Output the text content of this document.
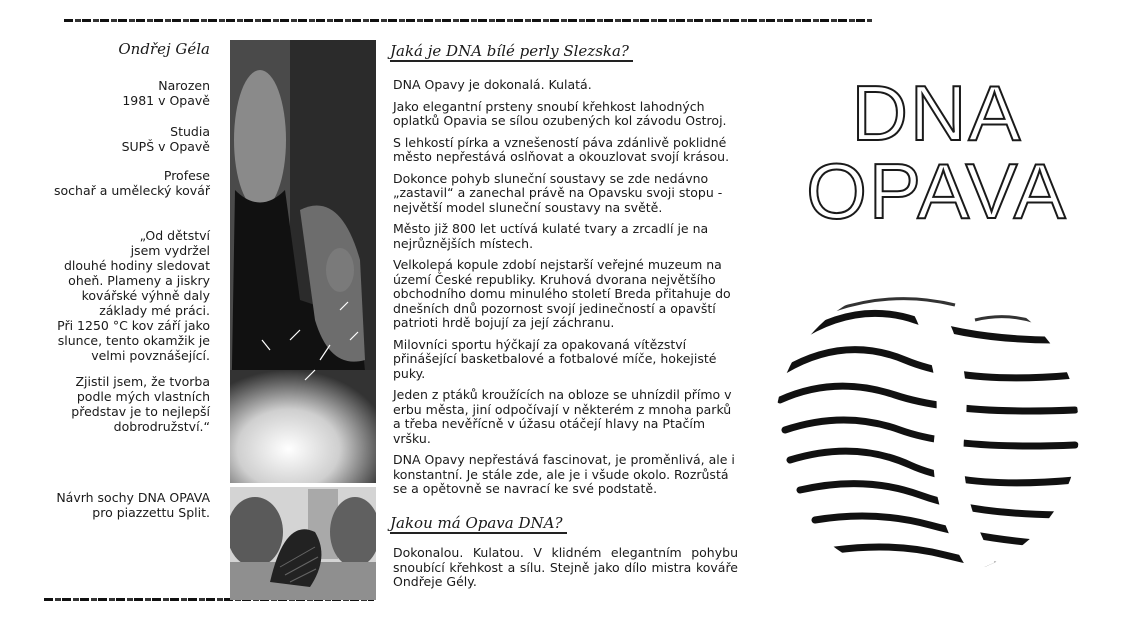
Ondřej Géla
Narozen
1981 v Opavě
Studia
SUPŠ v Opavě
Profese
sochař a umělecký kovář
„Od dětství
jsem vydržel
dlouhé hodiny sledovat
oheň. Plameny a jiskry
kovářské výhně daly
základy mé práci.
Při 1250 °C kov září jako
slunce, tento okamžik je
velmi povznášející.
Zjistil jsem, že tvorba
podle mých vlastních
představ je to nejlepší
dobrodružství.“
Návrh sochy DNA OPAVA
pro piazzettu Split.
Jaká je DNA bílé perly Slezska?

DNA Opavy je dokonalá. Kulatá.

Jako elegantní prsteny snoubí křehkost lahodných oplatků Opavia se sílou ozubených kol závodu Ostroj.

S lehkostí pírka a vznešeností páva zdánlivě poklidné město nepřestává oslňovat a okouzlovat svojí krásou.

Dokonce pohyb sluneční soustavy se zde nedávno „zastavil“ a zanechal právě na Opavsku svoji stopu - největší model sluneční soustavy na světě.

Město již 800 let uctívá kulaté tvary a zrcadlí je na nejrůznějších místech.

Velkolepá kopule zdobí nejstarší veřejné muzeum na území České republiky. Kruhová dvorana největšího obchodního domu minulého století Breda přitahuje do dnešních dnů pozornost svojí jedinečností a opavští patrioti hrdě bojují za její záchranu.

Milovníci sportu hýčkají za opakovaná vítězství přinášející basketbalové a fotbalové míče, hokejisté puky.

Jeden z ptáků kroužících na obloze se uhnízdil přímo v erbu města, jiní odpočívají v některém z mnoha parků a třeba nevěřícně v úžasu otáčejí hlavy na Ptačím vršku.

DNA Opavy nepřestává fascinovat, je proměnlivá, ale i konstantní. Je stále zde, ale je i všude okolo. Rozrůstá se a opětovně se navrací ke své podstatě.

Jakou má Opava DNA?

Dokonalou. Kulatou. V klidném elegantním pohybu snoubící křehkost a sílu. Stejně jako dílo mistra kováře Ondřeje Gély.

DNA
OPAVA
